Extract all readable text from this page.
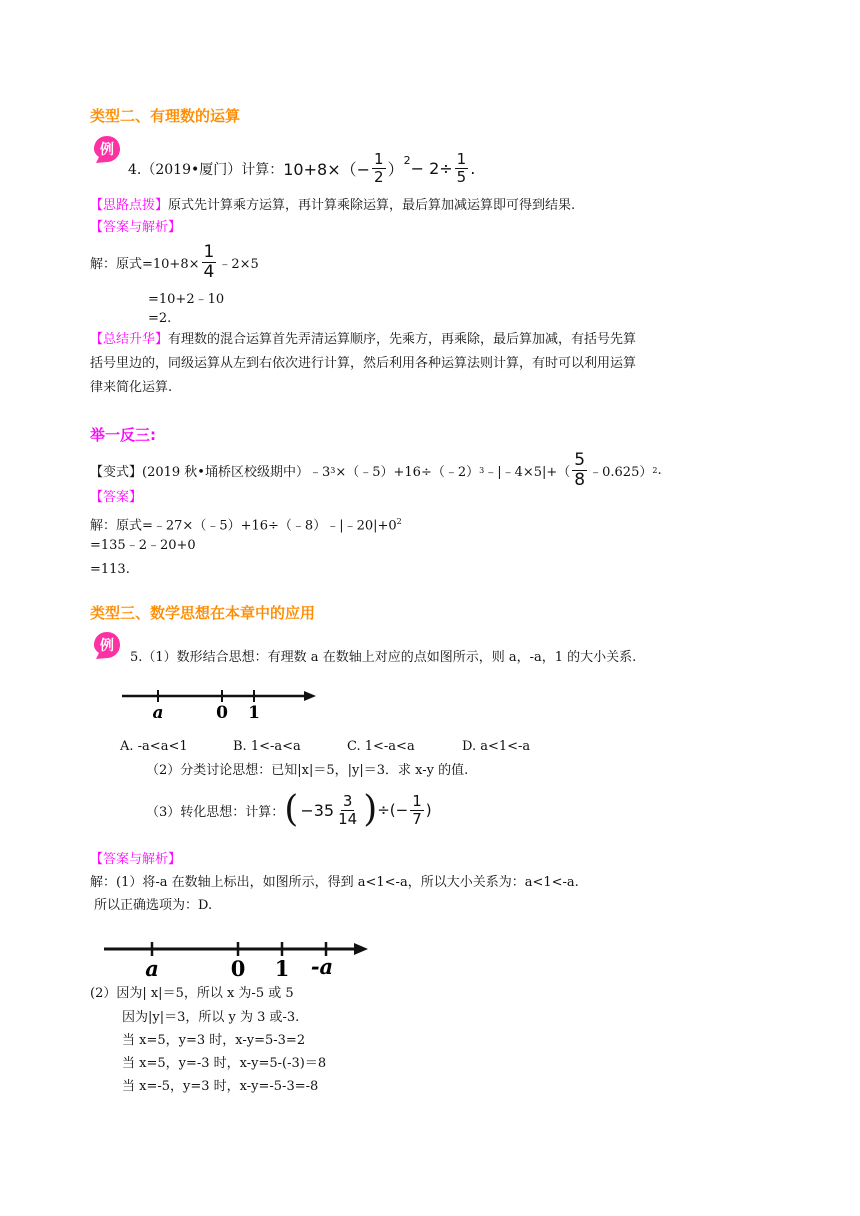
类型二、有理数的运算
例
4.（2019•厦门）计算： $10+8\times(- \frac{1}{2}$ ） $2 - 2\div \frac{1}{5}$ .
【思路点拨】原式先计算乘方运算，再计算乘除运算，最后算加减运算即可得到结果.
【答案与解析】
解：原式$=10+8\times \frac{1}{4}$ ﹣2×5
=10+2﹣10
=2.
【总结升华】有理数的混合运算首先弄清运算顺序，先乘方，再乘除，最后算加减，有括号先算
括号里边的，同级运算从左到右依次进行计算，然后利用各种运算法则计算，有时可以利用运算
律来简化运算.
举一反三:
【变式】 (2019 秋•埇桥区校级期中）﹣3 3 ×（﹣5）+16÷（﹣2） 3 ﹣|﹣4×5|+（ $\frac{5}{8}$ ﹣0.625） 2 .
【答案】
解：原式$=﹣27\times(﹣5)+16\div(﹣8)﹣|﹣20|+0^2$
=135﹣2﹣20+0
=113.
类型三、数学思想在本章中的应用
例
5.（1）数形结合思想：有理数 a 在数轴上对应的点如图所示，则 a，-a，1 的大小关系.
a	0 1
A. -a<a<1	B. 1<-a<a	C. 1<-a<a	D. a<1<-a
（2）分类讨论思想：已知|x|＝5，|y|＝3．求 x-y 的值.
（3）转化思想：计算： ( $-35 \frac{3}{14}$ ) ÷(− $\frac{1}{7}$ )
【答案与解析】
解：(1）将-a 在数轴上标出，如图所示，得到 a<1<-a，所以大小关系为：a<1<-a.
所以正确选项为：D.
a	0 1 -a
(2）因为| x|＝5，所以 x 为-5 或 5
因为|y|＝3，所以 y 为 3 或-3.
当 x=5，y=3 时，x-y=5-3=2
当 x=5，y=-3 时，x-y=5-(-3)＝8
当 x=-5，y=3 时，x-y=-5-3=-8
